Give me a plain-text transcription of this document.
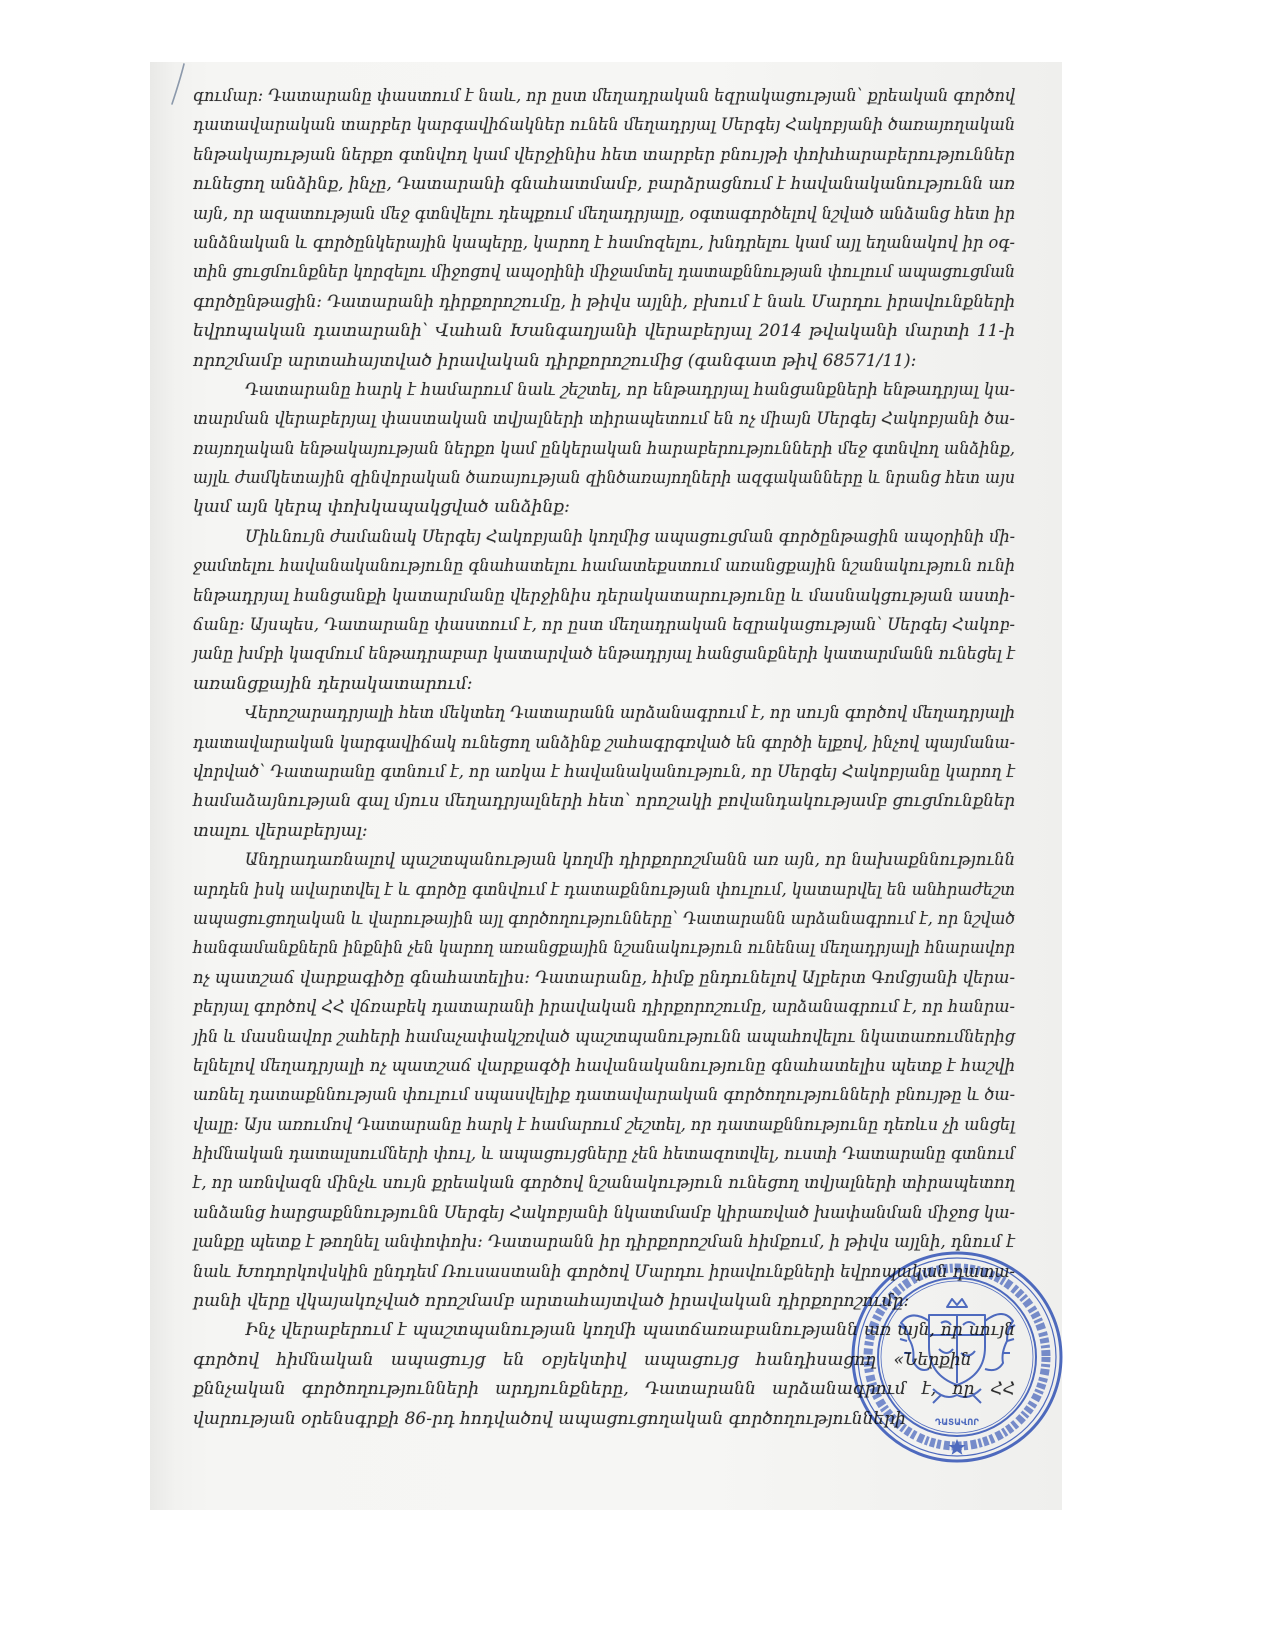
գումար: Դատարանը փաստում է նաև, որ ըստ մեղադրական եզրակացության՝ քրեական գործով
դատավարական տարբեր կարգավիճակներ ունեն մեղադրյալ Սերգեյ Հակոբյանի ծառայողական
ենթակայության ներքո գտնվող կամ վերջինիս հետ տարբեր բնույթի փոխհարաբերություններ
ունեցող անձինք, ինչը, Դատարանի գնահատմամբ, բարձրացնում է հավանականությունն առ
այն, որ ազատության մեջ գտնվելու դեպքում մեղադրյալը, օգտագործելով նշված անձանց հետ իր
անձնական և գործընկերային կապերը, կարող է համոզելու, խնդրելու կամ այլ եղանակով իր օգ-
տին ցուցմունքներ կորզելու միջոցով ապօրինի միջամտել դատաքննության փուլում ապացուցման
գործընթացին: Դատարանի դիրքորոշումը, ի թիվս այլնի, բխում է նաև Մարդու իրավունքների
եվրոպական դատարանի՝ Վահան Խանգաղյանի վերաբերյալ 2014 թվականի մարտի 11-ի
որոշմամբ արտահայտված իրավական դիրքորոշումից (գանգատ թիվ 68571/11):
Դատարանը հարկ է համարում նաև շեշտել, որ ենթադրյալ հանցանքների ենթադրյալ կա-
տարման վերաբերյալ փաստական տվյալների տիրապետում են ոչ միայն Սերգեյ Հակոբյանի ծա-
ռայողական ենթակայության ներքո կամ ընկերական հարաբերությունների մեջ գտնվող անձինք,
այլև ժամկետային զինվորական ծառայության զինծառայողների ազգականները և նրանց հետ այս
կամ այն կերպ փոխկապակցված անձինք:
Միևնույն ժամանակ Սերգեյ Հակոբյանի կողմից ապացուցման գործընթացին ապօրինի մի-
ջամտելու հավանականությունը գնահատելու համատեքստում առանցքային նշանակություն ունի
ենթադրյալ հանցանքի կատարմանը վերջինիս դերակատարությունը և մասնակցության աստի-
ճանը: Այսպես, Դատարանը փաստում է, որ ըստ մեղադրական եզրակացության՝ Սերգեյ Հակոբ-
յանը խմբի կազմում ենթադրաբար կատարված ենթադրյալ հանցանքների կատարմանն ունեցել է
առանցքային դերակատարում:
Վերոշարադրյալի հետ մեկտեղ Դատարանն արձանագրում է, որ սույն գործով մեղադրյալի
դատավարական կարգավիճակ ունեցող անձինք շահագրգռված են գործի ելքով, ինչով պայմանա-
վորված՝ Դատարանը գտնում է, որ առկա է հավանականություն, որ Սերգեյ Հակոբյանը կարող է
համաձայնության գալ մյուս մեղադրյալների հետ՝ որոշակի բովանդակությամբ ցուցմունքներ
տալու վերաբերյալ:
Անդրադառնալով պաշտպանության կողմի դիրքորոշմանն առ այն, որ նախաքննությունն
արդեն իսկ ավարտվել է և գործը գտնվում է դատաքննության փուլում, կատարվել են անհրաժեշտ
ապացուցողական և վարութային այլ գործողությունները՝ Դատարանն արձանագրում է, որ նշված
հանգամանքներն ինքնին չեն կարող առանցքային նշանակություն ունենալ մեղադրյալի հնարավոր
ոչ պատշաճ վարքագիծը գնահատելիս: Դատարանը, հիմք ընդունելով Ալբերտ Գոմցյանի վերա-
բերյալ գործով ՀՀ վճռաբեկ դատարանի իրավական դիրքորոշումը, արձանագրում է, որ հանրա-
յին և մասնավոր շահերի համաչափակշռված պաշտպանությունն ապահովելու նկատառումներից
ելնելով մեղադրյալի ոչ պատշաճ վարքագծի հավանականությունը գնահատելիս պետք է հաշվի
առնել դատաքննության փուլում սպասվելիք դատավարական գործողությունների բնույթը և ծա-
վալը: Այս առումով Դատարանը հարկ է համարում շեշտել, որ դատաքննությունը դեռևս չի անցել
հիմնական դատալսումների փուլ, և ապացույցները չեն հետազոտվել, ուստի Դատարանը գտնում
է, որ առնվազն մինչև սույն քրեական գործով նշանակություն ունեցող տվյալների տիրապետող
անձանց հարցաքննությունն Սերգեյ Հակոբյանի նկատմամբ կիրառված խափանման միջոց կա-
լանքը պետք է թողնել անփոփոխ: Դատարանն իր դիրքորոշման հիմքում, ի թիվս այլնի, դնում է
նաև Խոդորկովսկին ընդդեմ Ռուսաստանի գործով Մարդու իրավունքների եվրոպական դատա-
րանի վերը վկայակոչված որոշմամբ արտահայտված իրավական դիրքորոշումը:
Ինչ վերաբերում է պաշտպանության կողմի պատճառաբանությանն առ այն, որ սույն
գործով հիմնական ապացույց են օբյեկտիվ ապացույց հանդիսացող «Ներքին
քննչական գործողությունների արդյունքները, Դատարանն արձանագրում է, որ ՀՀ
վարության օրենսգրքի 86-րդ հոդվածով ապացուցողական գործողությունների	ԴԱՏԱՎՈՐ
